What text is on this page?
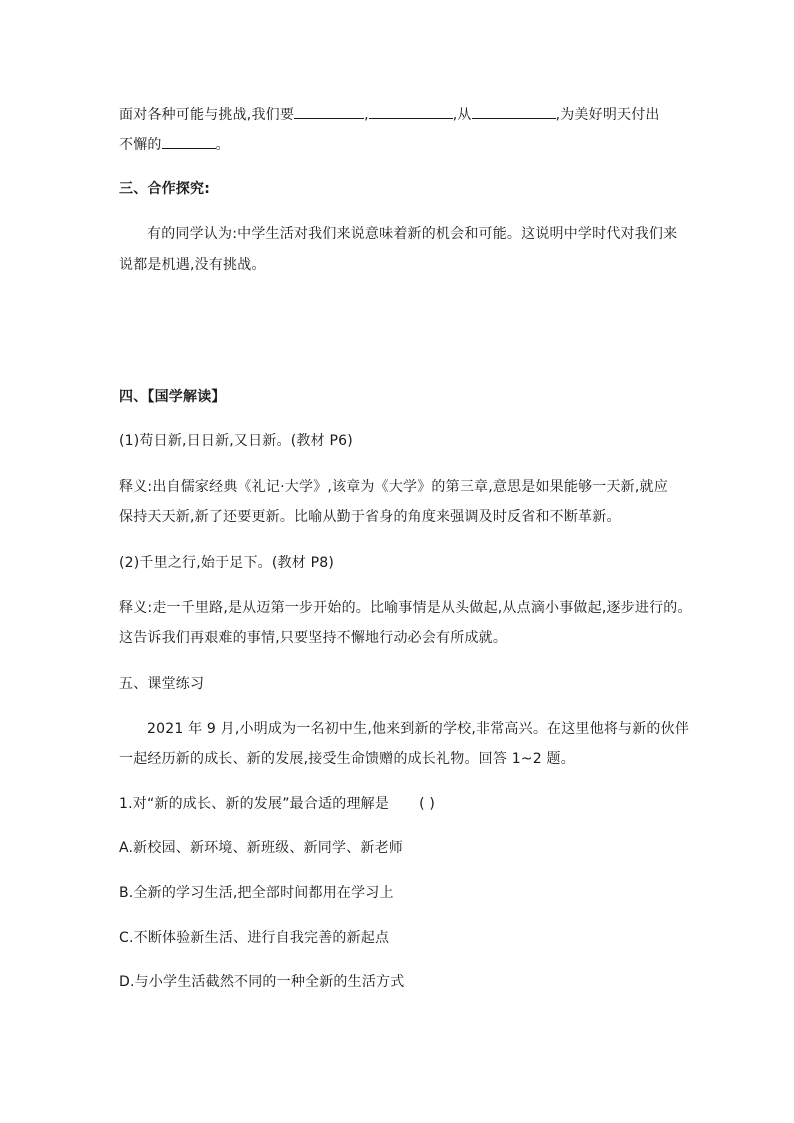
面对各种可能与挑战,我们要	,	,从	,为美好明天付出
不懈的	。
三、合作探究:
有的同学认为:中学生活对我们来说意味着新的机会和可能。这说明中学时代对我们来
说都是机遇,没有挑战。
四、【国学解读】
(1)苟日新,日日新,又日新。(教材 P6)
释义:出自儒家经典《礼记·大学》,该章为《大学》的第三章,意思是如果能够一天新,就应
保持天天新,新了还要更新。比喻从勤于省身的角度来强调及时反省和不断革新。
(2)千里之行,始于足下。(教材 P8)
释义:走一千里路,是从迈第一步开始的。比喻事情是从头做起,从点滴小事做起,逐步进行的。
这告诉我们再艰难的事情,只要坚持不懈地行动必会有所成就。
五、课堂练习
2021 年 9 月,小明成为一名初中生,他来到新的学校,非常高兴。在这里他将与新的伙伴
一起经历新的成长、新的发展,接受生命馈赠的成长礼物。回答 1~2 题。
1.对“新的成长、新的发展”最合适的理解是 ( )
A.新校园、新环境、新班级、新同学、新老师
B.全新的学习生活,把全部时间都用在学习上
C.不断体验新生活、进行自我完善的新起点
D.与小学生活截然不同的一种全新的生活方式
